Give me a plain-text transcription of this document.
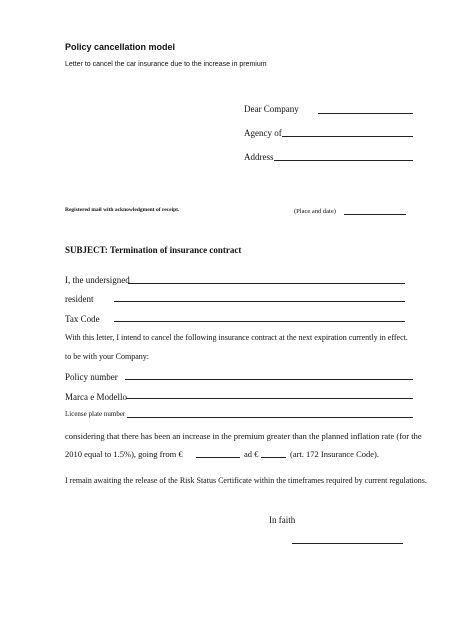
Policy cancellation model
Letter to cancel the car insurance due to the increase in premium
Dear Company
Agency of
Address
Registered mail with acknowledgment of receipt.	(Place and date)
SUBJECT: Termination of insurance contract
I, the undersigned
resident
Tax Code
With this letter, I intend to cancel the following insurance contract at the next expiration currently in effect.
to be with your Company:
Policy number
Marca e Modello
License plate number
considering that there has been an increase in the premium greater than the planned inflation rate (for the
2010 equal to 1.5%), going from €	ad €	(art. 172 Insurance Code).
I remain awaiting the release of the Risk Status Certificate within the timeframes required by current regulations.
In faith
